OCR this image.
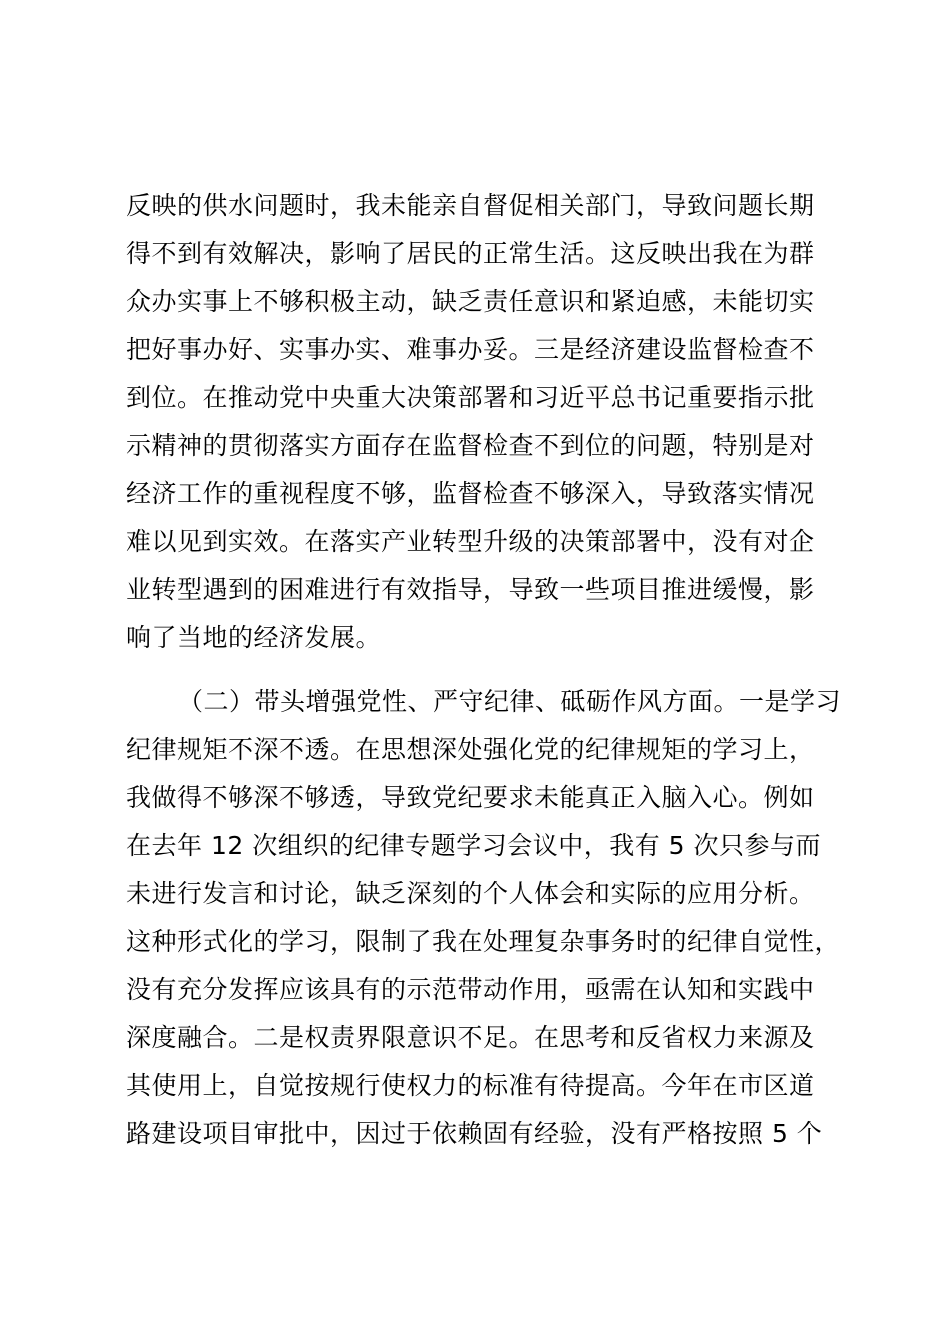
反映的供水问题时，我未能亲自督促相关部门，导致问题长期

得不到有效解决，影响了居民的正常生活。这反映出我在为群

众办实事上不够积极主动，缺乏责任意识和紧迫感，未能切实

把好事办好、实事办实、难事办妥。三是经济建设监督检查不

到位。在推动党中央重大决策部署和习近平总书记重要指示批

示精神的贯彻落实方面存在监督检查不到位的问题，特别是对

经济工作的重视程度不够，监督检查不够深入，导致落实情况

难以见到实效。在落实产业转型升级的决策部署中，没有对企

业转型遇到的困难进行有效指导，导致一些项目推进缓慢，影

响了当地的经济发展。

（二）带头增强党性、严守纪律、砥砺作风方面。一是学习

纪律规矩不深不透。在思想深处强化党的纪律规矩的学习上，

我做得不够深不够透，导致党纪要求未能真正入脑入心。例如

在去年 12 次组织的纪律专题学习会议中，我有 5 次只参与而

未进行发言和讨论，缺乏深刻的个人体会和实际的应用分析。

这种形式化的学习，限制了我在处理复杂事务时的纪律自觉性，

没有充分发挥应该具有的示范带动作用，亟需在认知和实践中

深度融合。二是权责界限意识不足。在思考和反省权力来源及

其使用上，自觉按规行使权力的标准有待提高。今年在市区道

路建设项目审批中，因过于依赖固有经验，没有严格按照 5 个
